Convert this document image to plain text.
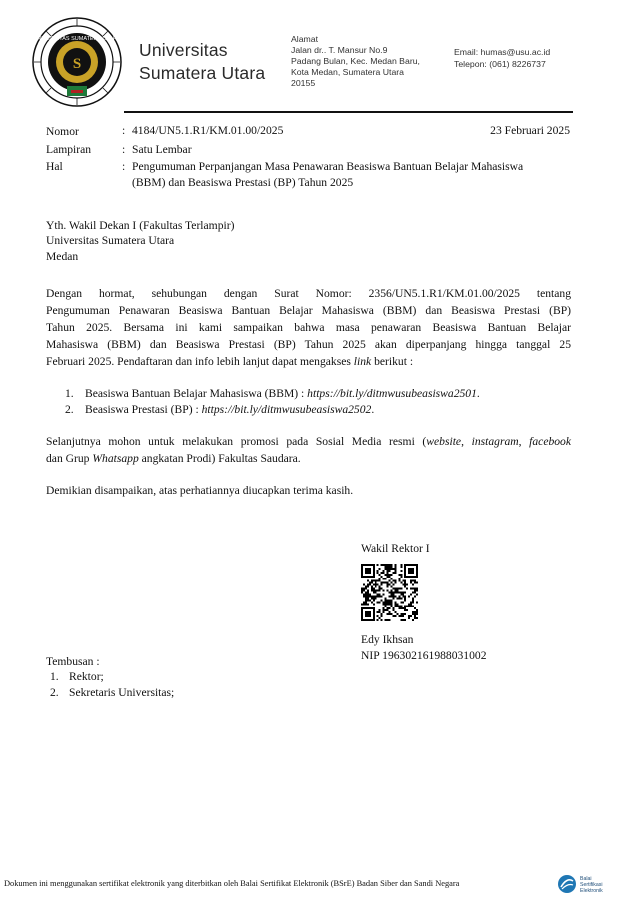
S
UNIVERSITAS SUMATERA UTARA
Universitas
Sumatera Utara
Alamat
Jalan dr.. T. Mansur No.9
Padang Bulan, Kec. Medan Baru,
Kota Medan, Sumatera Utara
20155
Email: humas@usu.ac.id
Telepon: (061) 8226737
Nomor	: 4184/UN5.1.R1/KM.01.00/2025	23 Februari 2025
Lampiran	: Satu Lembar
Hal	: Pengumuman Perpanjangan Masa Penawaran Beasiswa Bantuan Belajar Mahasiswa
(BBM) dan Beasiswa Prestasi (BP) Tahun 2025
Yth. Wakil Dekan I (Fakultas Terlampir)
Universitas Sumatera Utara
Medan
Dengan hormat, sehubungan dengan Surat Nomor: 2356/UN5.1.R1/KM.01.00/2025 tentang
Pengumuman Penawaran Beasiswa Bantuan Belajar Mahasiswa (BBM) dan Beasiswa Prestasi (BP)
Tahun 2025. Bersama ini kami sampaikan bahwa masa penawaran Beasiswa Bantuan Belajar
Mahasiswa (BBM) dan Beasiswa Prestasi (BP) Tahun 2025 akan diperpanjang hingga tanggal 25
Februari 2025. Pendaftaran dan info lebih lanjut dapat mengakses link berikut :
1. Beasiswa Bantuan Belajar Mahasiswa (BBM) : https://bit.ly/ditmwusubeasiswa2501.
2. Beasiswa Prestasi (BP) : https://bit.ly/ditmwusubeasiswa2502.
Selanjutnya mohon untuk melakukan promosi pada Sosial Media resmi (website, instagram, facebook
dan Grup Whatsapp angkatan Prodi) Fakultas Saudara.
Demikian disampaikan, atas perhatiannya diucapkan terima kasih.
Wakil Rektor I
Edy Ikhsan
NIP 196302161988031002
Tembusan :
1. Rektor;
2. Sekretaris Universitas;
Dokumen ini menggunakan sertifikat elektronik yang diterbitkan oleh Balai Sertifikat Elektronik (BSrE) Badan Siber dan Sandi Negara	Balai
Sertifikasi
Elektronik
